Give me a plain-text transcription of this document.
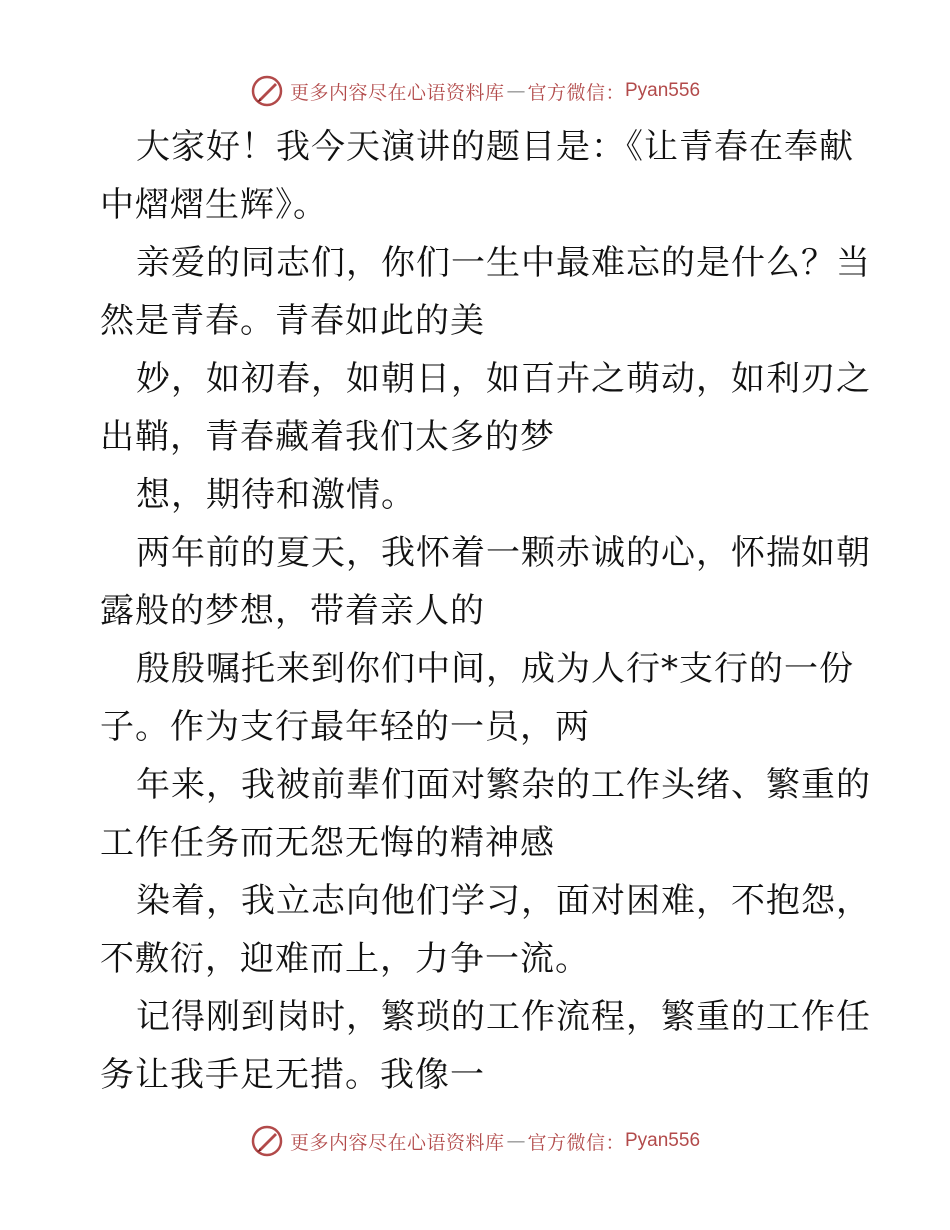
更多内容尽在心语资料库 — 官方微信： Pyan556
大家好！我今天演讲的题目是：《让青春在奉献
中熠熠生辉》。
亲爱的同志们，你们一生中最难忘的是什么？当
然是青春。青春如此的美
妙，如初春，如朝日，如百卉之萌动，如利刃之
出鞘，青春藏着我们太多的梦
想，期待和激情。
两年前的夏天，我怀着一颗赤诚的心，怀揣如朝
露般的梦想，带着亲人的
殷殷嘱托来到你们中间，成为人行*支行的一份
子。作为支行最年轻的一员，两
年来，我被前辈们面对繁杂的工作头绪、繁重的
工作任务而无怨无悔的精神感
染着，我立志向他们学习，面对困难，不抱怨，
不敷衍，迎难而上，力争一流。
记得刚到岗时，繁琐的工作流程，繁重的工作任
务让我手足无措。我像一
更多内容尽在心语资料库 — 官方微信： Pyan556
